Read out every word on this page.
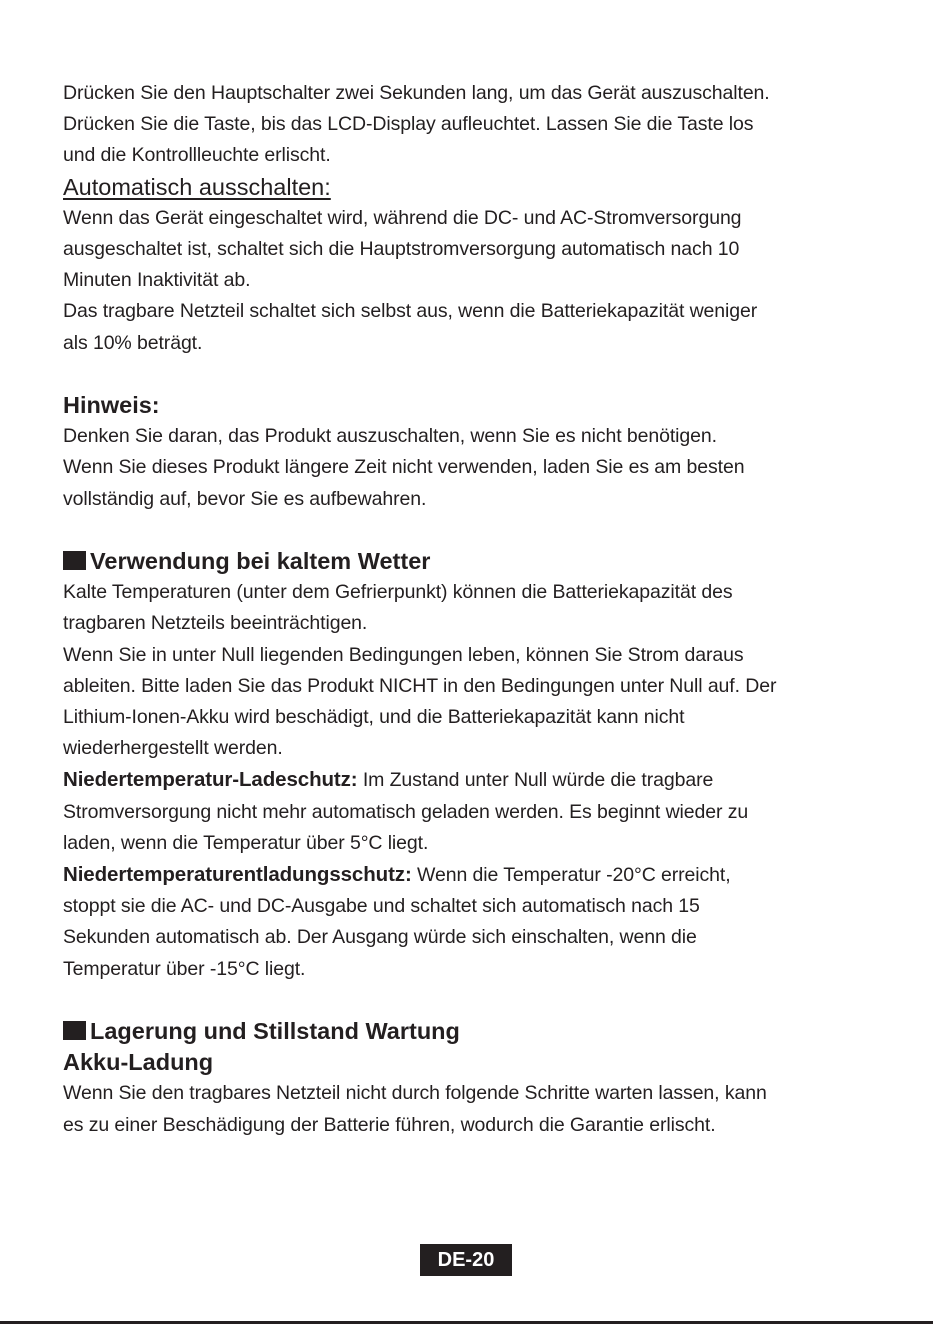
Drücken Sie den Hauptschalter zwei Sekunden lang, um das Gerät auszuschalten.

Drücken Sie die Taste, bis das LCD-Display aufleuchtet. Lassen Sie die Taste los

und die Kontrollleuchte erlischt.

Automatisch ausschalten:

Wenn das Gerät eingeschaltet wird, während die DC- und AC-Stromversorgung

ausgeschaltet ist, schaltet sich die Hauptstromversorgung automatisch nach 10

Minuten Inaktivität ab.

Das tragbare Netzteil schaltet sich selbst aus, wenn die Batteriekapazität weniger

als 10% beträgt.

Hinweis:

Denken Sie daran, das Produkt auszuschalten, wenn Sie es nicht benötigen.

Wenn Sie dieses Produkt längere Zeit nicht verwenden, laden Sie es am besten

vollständig auf, bevor Sie es aufbewahren.

Verwendung bei kaltem Wetter

Kalte Temperaturen (unter dem Gefrierpunkt) können die Batteriekapazität des

tragbaren Netzteils beeinträchtigen.

Wenn Sie in unter Null liegenden Bedingungen leben, können Sie Strom daraus

ableiten. Bitte laden Sie das Produkt NICHT in den Bedingungen unter Null auf. Der

Lithium-Ionen-Akku wird beschädigt, und die Batteriekapazität kann nicht

wiederhergestellt werden.

Niedertemperatur-Ladeschutz: Im Zustand unter Null würde die tragbare

Stromversorgung nicht mehr automatisch geladen werden. Es beginnt wieder zu

laden, wenn die Temperatur über 5°C liegt.

Niedertemperaturentladungsschutz: Wenn die Temperatur -20°C erreicht,

stoppt sie die AC- und DC-Ausgabe und schaltet sich automatisch nach 15

Sekunden automatisch ab. Der Ausgang würde sich einschalten, wenn die

Temperatur über -15°C liegt.

Lagerung und Stillstand Wartung

Akku-Ladung

Wenn Sie den tragbares Netzteil nicht durch folgende Schritte warten lassen, kann

es zu einer Beschädigung der Batterie führen, wodurch die Garantie erlischt.

DE-20
